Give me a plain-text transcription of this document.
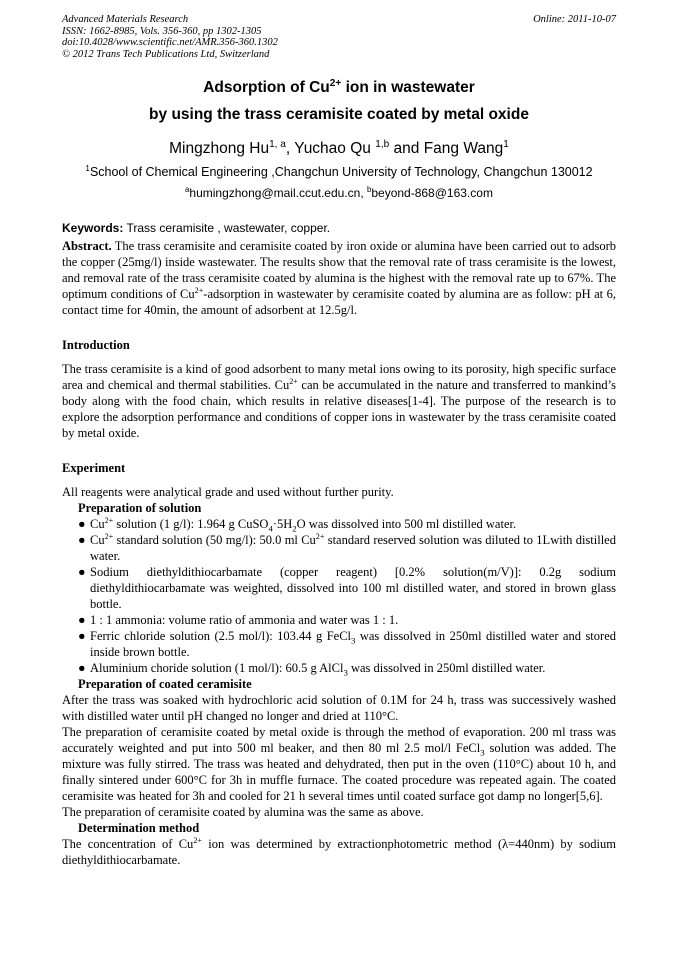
Advanced Materials Research
ISSN: 1662-8985, Vols. 356-360, pp 1302-1305
doi:10.4028/www.scientific.net/AMR.356-360.1302
© 2012 Trans Tech Publications Ltd, Switzerland
Online: 2011-10-07
Adsorption of $Cu^{2+}$ ion in wastewater
by using the trass ceramisite coated by metal oxide
Mingzhong Hu$^{1, a}$, Yuchao Qu $^{1,b}$ and Fang Wang$^1$
$^1$School of Chemical Engineering ,Changchun University of Technology, Changchun 130012
$^a$humingzhong@mail.ccut.edu.cn, $^b$beyond-868@163.com
Keywords: Trass ceramisite , wastewater, copper.
Abstract. The trass ceramisite and ceramisite coated by iron oxide or alumina have been carried out to adsorb the copper (25mg/l) inside wastewater. The results show that the removal rate of trass ceramisite is the lowest, and removal rate of the trass ceramisite coated by alumina is the highest with the removal rate up to 67%. The optimum conditions of $Cu^{2+}$-adsorption in wastewater by ceramisite coated by alumina are as follow: pH at 6, contact time for 40min, the amount of adsorbent at 12.5g/l.
Introduction
The trass ceramisite is a kind of good adsorbent to many metal ions owing to its porosity, high specific surface area and chemical and thermal stabilities. $Cu^{2+}$ can be accumulated in the nature and transferred to mankind’s body along with the food chain, which results in relative diseases[1-4]. The purpose of the research is to explore the adsorption performance and conditions of copper ions in wastewater by the trass ceramisite coated by metal oxide.
Experiment

All reagents were analytical grade and used without further purity.

Preparation of solution
● $Cu^{2+}$ solution (1 g/l): 1.964 g $CuSO_4\cdot 5H_2O$ was dissolved into 500 ml distilled water.
● $Cu^{2+}$ standard solution (50 mg/l): 50.0 ml $Cu^{2+}$ standard reserved solution was diluted to 1Lwith distilled water.
● Sodium diethyldithiocarbamate (copper reagent) [0.2% solution(m/V)]: 0.2g sodium diethyldithiocarbamate was weighted, dissolved into 100 ml distilled water, and stored in brown glass bottle.
● 1 : 1 ammonia: volume ratio of ammonia and water was 1 : 1.
● Ferric chloride solution (2.5 mol/l): 103.44 g FeCl$_3$ was dissolved in 250ml distilled water and stored inside brown bottle.
● Aluminium choride solution (1 mol/l): 60.5 g AlCl$_3$ was dissolved in 250ml distilled water.
Preparation of coated ceramisite

After the trass was soaked with hydrochloric acid solution of 0.1M for 24 h, trass was successively washed with distilled water until pH changed no longer and dried at 110°C.

The preparation of ceramisite coated by metal oxide is through the method of evaporation. 200 ml trass was accurately weighted and put into 500 ml beaker, and then 80 ml 2.5 mol/l FeCl$_3$ solution was added. The mixture was fully stirred. The trass was heated and dehydrated, then put in the oven (110°C) about 10 h, and finally sintered under 600°C for 3h in muffle furnace. The coated procedure was repeated again. The coated ceramisite was heated for 3h and cooled for 21 h several times until coated surface got damp no longer[5,6].

The preparation of ceramisite coated by alumina was the same as above.

Determination method

The concentration of $Cu^{2+}$ ion was determined by extractionphotometric method (λ=440nm) by sodium diethyldithiocarbamate.
